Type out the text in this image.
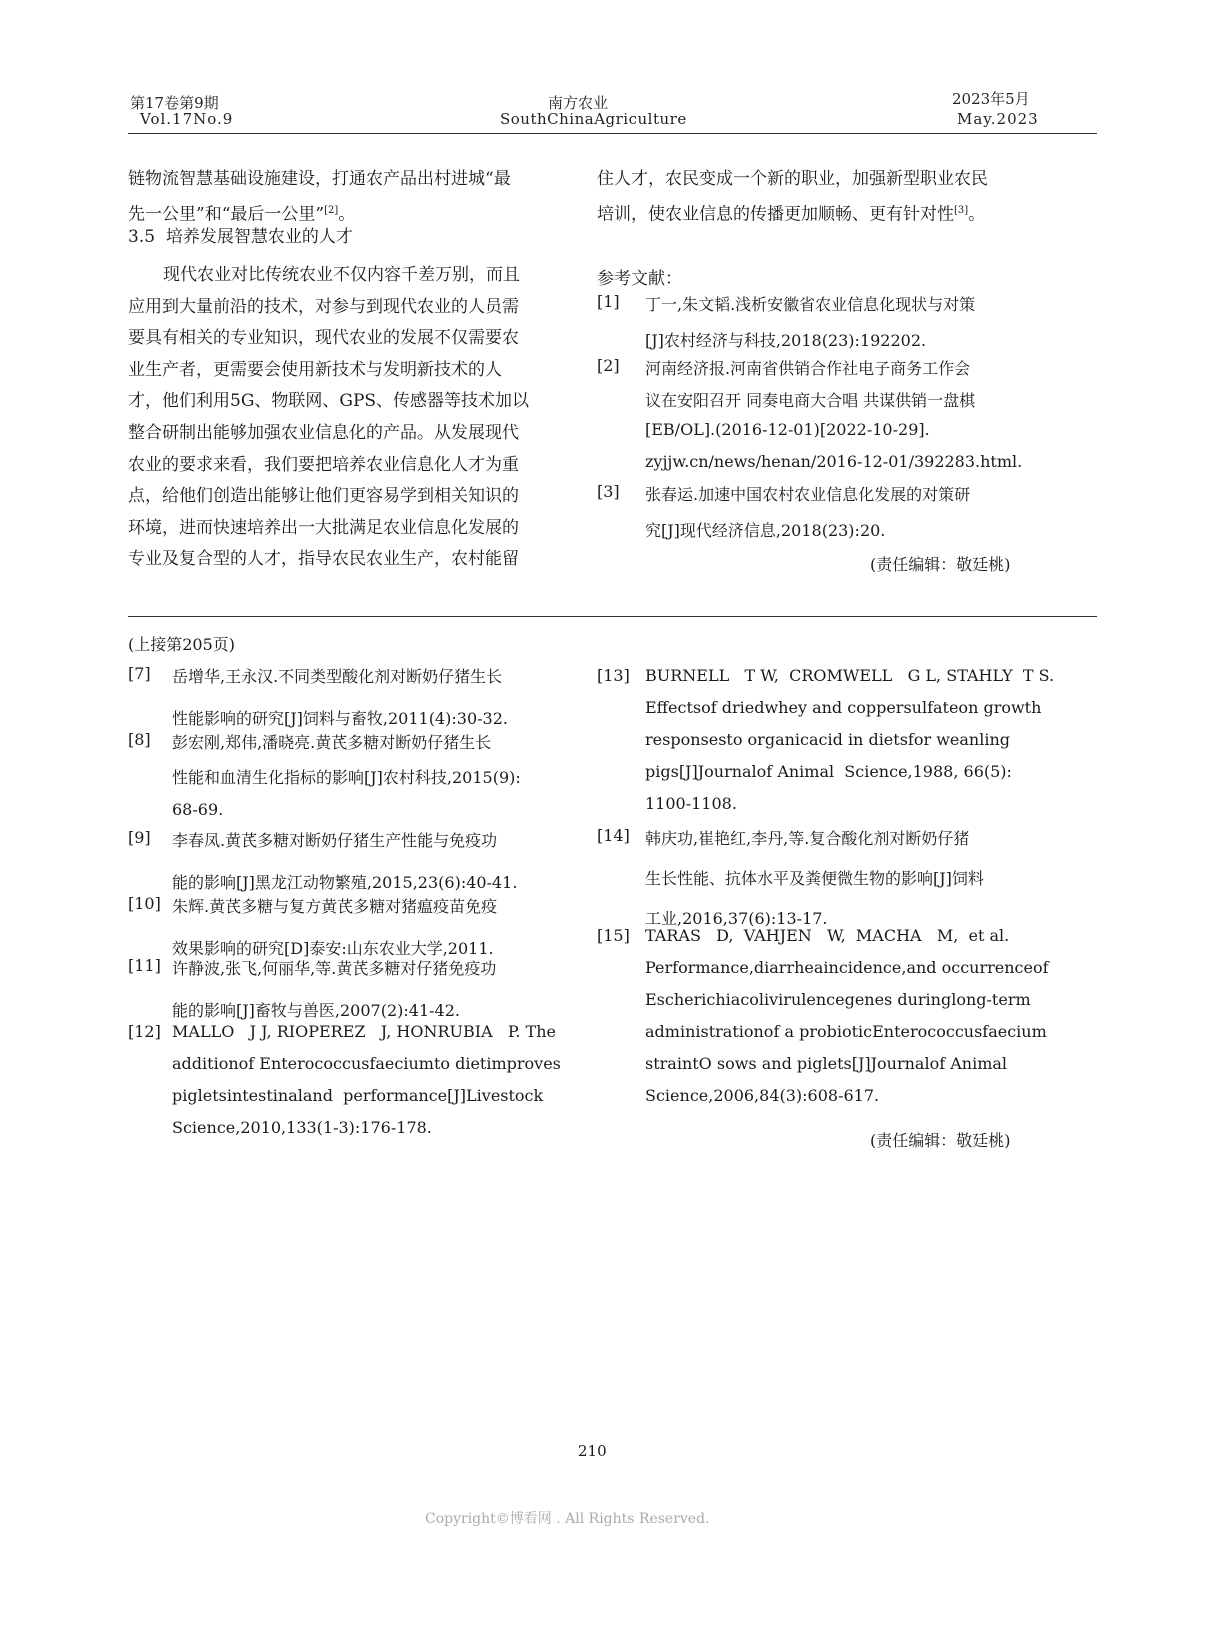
第17卷第9期
Vol.17No.9
南方农业
SouthChinaAgriculture
2023年5月
May.2023
链物流智慧基础设施建设，打通农产品出村进城“最
先一公里”和“最后一公里”[2]。
3.5  培养发展智慧农业的人才
现代农业对比传统农业不仅内容千差万别，而且
应用到大量前沿的技术，对参与到现代农业的人员需
要具有相关的专业知识，现代农业的发展不仅需要农
业生产者，更需要会使用新技术与发明新技术的人
才，他们利用5G、物联网、GPS、传感器等技术加以
整合研制出能够加强农业信息化的产品。从发展现代
农业的要求来看，我们要把培养农业信息化人才为重
点，给他们创造出能够让他们更容易学到相关知识的
环境，进而快速培养出一大批满足农业信息化发展的
专业及复合型的人才，指导农民农业生产，农村能留
住人才，农民变成一个新的职业，加强新型职业农民
培训，使农业信息的传播更加顺畅、更有针对性[3]。
参考文献：
[1] 丁一,朱文韬.浅析安徽省农业信息化现状与对策
[J]农村经济与科技,2018(23):192202.
[2] 河南经济报.河南省供销合作社电子商务工作会
议在安阳召开 同奏电商大合唱 共谋供销一盘棋
[EB/OL].(2016-12-01)[2022-10-29].
zyjjw.cn/news/henan/2016-12-01/392283.html.
[3] 张春运.加速中国农村农业信息化发展的对策研
究[J]现代经济信息,2018(23):20.
(责任编辑：敬廷桃)
(上接第205页)
[7] 岳增华,王永汉.不同类型酸化剂对断奶仔猪生长
性能影响的研究[J]饲料与畜牧,2011(4):30-32.
[8] 彭宏刚,郑伟,潘晓亮.黄芪多糖对断奶仔猪生长
性能和血清生化指标的影响[J]农村科技,2015(9):
68-69.
[9] 李春凤.黄芪多糖对断奶仔猪生产性能与免疫功
能的影响[J]黑龙江动物繁殖,2015,23(6):40-41.
[10] 朱辉.黄芪多糖与复方黄芪多糖对猪瘟疫苗免疫
效果影响的研究[D]泰安:山东农业大学,2011.
[11] 许静波,张飞,何丽华,等.黄芪多糖对仔猪免疫功
能的影响[J]畜牧与兽医,2007(2):41-42.
[12] MALLO   J J, RIOPEREZ   J, HONRUBIA   P. The
additionof Enterococcusfaeciumto dietimproves
pigletsintestinaland  performance[J]Livestock
Science,2010,133(1-3):176-178.
[13] BURNELL   T W,  CROMWELL   G L, STAHLY  T S.
Effectsof driedwhey and coppersulfateon growth
responsesto organicacid in dietsfor weanling
pigs[J]Journalof Animal  Science,1988, 66(5):
1100-1108.
[14] 韩庆功,崔艳红,李丹,等.复合酸化剂对断奶仔猪
生长性能、抗体水平及粪便微生物的影响[J]饲料
工业,2016,37(6):13-17.
[15] TARAS   D,  VAHJEN   W,  MACHA   M,  et al.
Performance,diarrheaincidence,and occurrenceof
Escherichiacolivirulencegenes duringlong-term
administrationof a probioticEnterococcusfaecium
straintO sows and piglets[J]Journalof Animal
Science,2006,84(3):608-617.
(责任编辑：敬廷桃)
210
Copyright©博看网 . All Rights Reserved.
